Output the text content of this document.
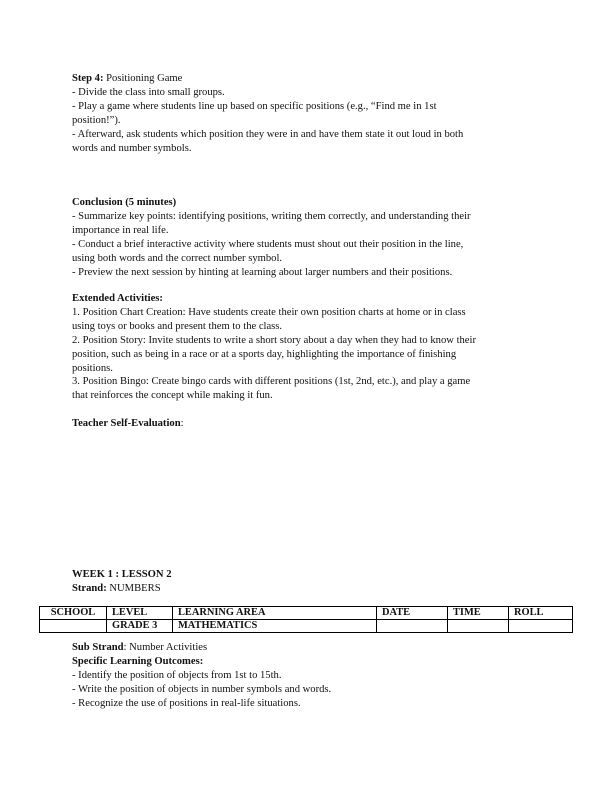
Step 4: Positioning Game
- Divide the class into small groups.
- Play a game where students line up based on specific positions (e.g., “Find me in 1st
position!”).
- Afterward, ask students which position they were in and have them state it out loud in both
words and number symbols.
Conclusion (5 minutes)
- Summarize key points: identifying positions, writing them correctly, and understanding their
importance in real life.
- Conduct a brief interactive activity where students must shout out their position in the line,
using both words and the correct number symbol.
- Preview the next session by hinting at learning about larger numbers and their positions.
Extended Activities:
1. Position Chart Creation: Have students create their own position charts at home or in class
using toys or books and present them to the class.
2. Position Story: Invite students to write a short story about a day when they had to know their
position, such as being in a race or at a sports day, highlighting the importance of finishing
positions.
3. Position Bingo: Create bingo cards with different positions (1st, 2nd, etc.), and play a game
that reinforces the concept while making it fun.
Teacher Self-Evaluation:
WEEK 1 : LESSON 2
Strand: NUMBERS
SCHOOL	LEVEL	LEARNING AREA	DATE	TIME	ROLL
	GRADE 3	MATHEMATICS			
Sub Strand: Number Activities
Specific Learning Outcomes:
- Identify the position of objects from 1st to 15th.
- Write the position of objects in number symbols and words.
- Recognize the use of positions in real-life situations.
